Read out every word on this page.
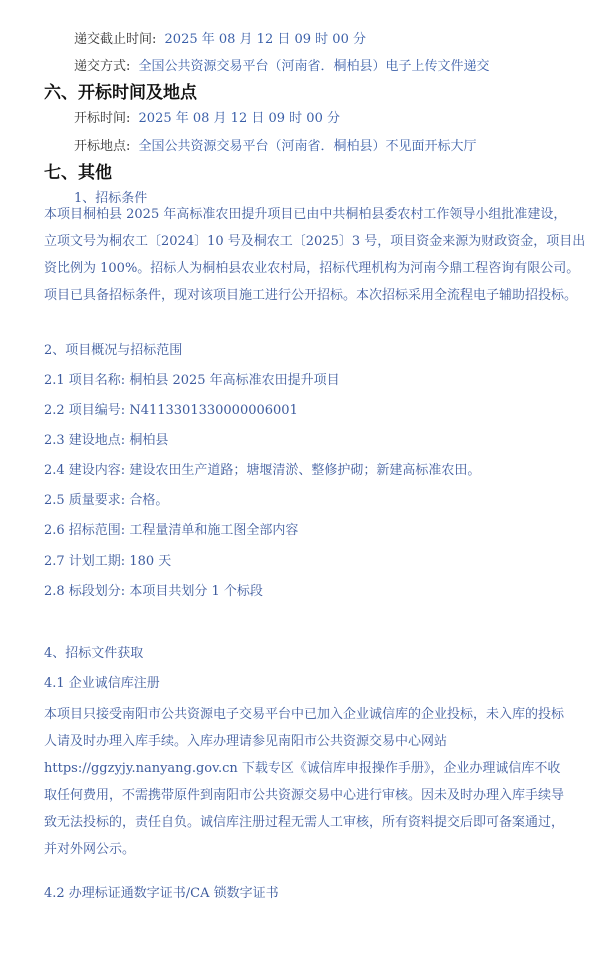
递交截止时间: 2025 年 08 月 12 日 09 时 00 分
递交方式: 全国公共资源交易平台（河南省．桐柏县）电子上传文件递交
六、开标时间及地点
开标时间: 2025 年 08 月 12 日 09 时 00 分
开标地点: 全国公共资源交易平台（河南省．桐柏县）不见面开标大厅
七、其他
1、招标条件
本项目桐柏县 2025 年高标准农田提升项目已由中共桐柏县委农村工作领导小组批准建设，
立项文号为桐农工〔2024〕10 号及桐农工〔2025〕3 号，项目资金来源为财政资金，项目出
资比例为 100%。招标人为桐柏县农业农村局，招标代理机构为河南今鼎工程咨询有限公司。
项目已具备招标条件，现对该项目施工进行公开招标。本次招标采用全流程电子辅助招投标。
2、项目概况与招标范围
2.1 项目名称: 桐柏县 2025 年高标准农田提升项目
2.2 项目编号: N4113301330000006001
2.3 建设地点: 桐柏县
2.4 建设内容: 建设农田生产道路；塘堰清淤、整修护砌；新建高标准农田。
2.5 质量要求: 合格。
2.6 招标范围: 工程量清单和施工图全部内容
2.7 计划工期: 180 天
2.8 标段划分: 本项目共划分 1 个标段
4、招标文件获取
4.1 企业诚信库注册
本项目只接受南阳市公共资源电子交易平台中已加入企业诚信库的企业投标，未入库的投标
人请及时办理入库手续。入库办理请参见南阳市公共资源交易中心网站
https://ggzyjy.nanyang.gov.cn 下载专区《诚信库申报操作手册》，企业办理诚信库不收
取任何费用，不需携带原件到南阳市公共资源交易中心进行审核。因未及时办理入库手续导
致无法投标的，责任自负。诚信库注册过程无需人工审核，所有资料提交后即可备案通过，
并对外网公示。
4.2 办理标证通数字证书/CA 锁数字证书
